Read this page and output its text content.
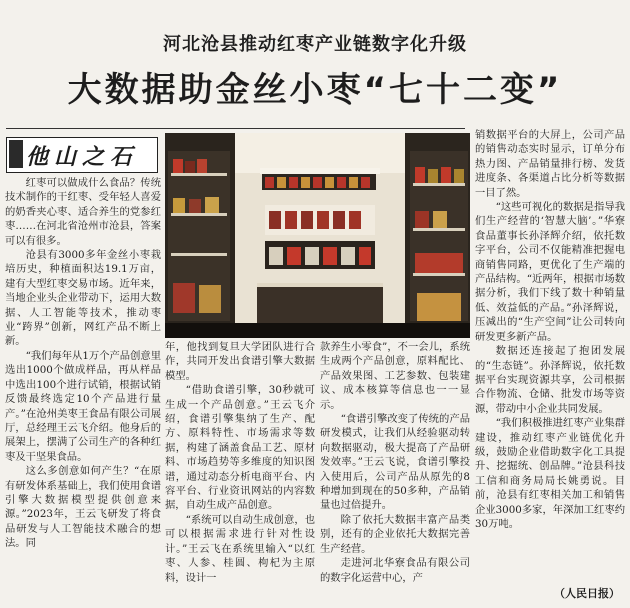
河北沧县推动红枣产业链数字化升级
大数据助金丝小枣“七十二变”
他山之石

红枣可以做成什么食品？传统技术制作的干红枣、受年轻人喜爱的奶香夹心枣、适合养生的党参红枣……在河北省沧州市沧县，答案可以有很多。

沧县有3000多年金丝小枣栽培历史，种植面积达19.1万亩，建有大型红枣交易市场。近年来，当地企业头企业带动下，运用大数据、人工智能等技术，推动枣业“跨界”创新，网红产品不断上新。

“我们每年从1万个产品创意里选出1000个做成样品，再从样品中选出100个进行试销，根据试销反馈最终选定10个产品进行量产。”在沧州美枣王食品有限公司展厅，总经理王云飞介绍。他身后的展架上，摆满了公司生产的各种红枣及干坚果食品。

这么多创意如何产生？“在原有研发体系基础上，我们使用食谱引擎大数据模型提供创意来源。”2023年，王云飞研发了将食品研发与人工智能技术融合的想法。同

年，他找到复旦大学团队进行合作，共同开发出食谱引擎大数据模型。

“借助食谱引擎，30秒就可生成一个产品创意。”王云飞介绍，食谱引擎集纳了生产、配方、原料特性、市场需求等数据，构建了涵盖食品工艺、原材料、市场趋势等多维度的知识图谱，通过动态分析电商平台、内容平台、行业资讯网站的内容数据，自动生成产品创意。

“系统可以自动生成创意，也可以根据需求进行针对性设计。”王云飞在系统里输入“以红枣、人参、桂圆、枸杞为主原料，设计一

款养生小零食”，不一会儿，系统生成两个产品创意，原料配比、产品效果图、工艺参数、包装建议、成本核算等信息也一一显示。

“食谱引擎改变了传统的产品研发模式，让我们从经验驱动转向数据驱动，极大提高了产品研发效率。”王云飞说，食谱引擎投入使用后，公司产品从原先的8种增加到现在的50多种，产品销量也过倍提升。

除了依托大数据丰富产品类别，还有的企业依托大数据完善生产经营。

走进河北华寮食品有限公司的数字化运营中心，产

销数据平台的大屏上，公司产品的销售动态实时显示，订单分布热力图、产品销量排行榜、发货进度条、各渠道占比分析等数据一目了然。

“这些可视化的数据是指导我们生产经营的‘智慧大脑’。”华寮食品董事长孙泽辉介绍，依托数字平台，公司不仅能精准把握电商销售同路，更优化了生产端的产品结构。“近两年，根据市场数据分析，我们下线了数十种销量低、效益低的产品。”孙泽辉说，压减出的“生产空间”让公司转向研发更多新产品。

数据还连接起了抱团发展的“生态链”。孙泽辉说，依托数据平台实现资源共享，公司根据合作物流、仓储、批发市场等资源，带动中小企业共同发展。

“我们积极推进红枣产业集群建设，推动红枣产业链优化升级，鼓励企业借助数字化工具提升、挖掘统、创品牌。”沧县科技工信和商务局局长姚勇说。目前，沧县有红枣相关加工和销售企业3000多家，年深加工红枣约30万吨。

（人民日报）
